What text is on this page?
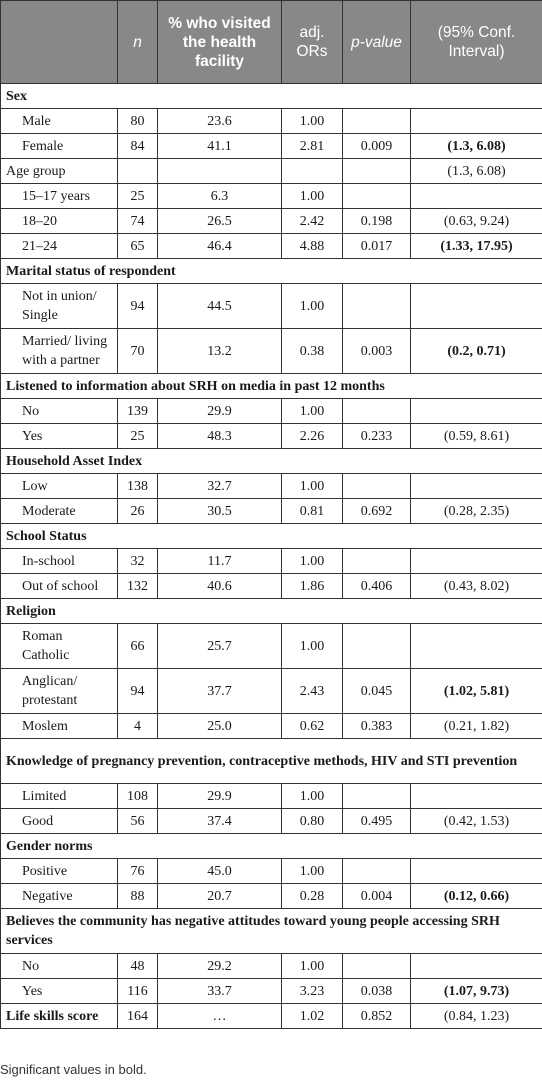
	n	% who visited the health facility	adj. ORs	p-value	(95% Conf. Interval)
Sex					
Male	80	23.6	1.00		
Female	84	41.1	2.81	0.009	(1.3, 6.08)
Age group					(1.3, 6.08)
15–17 years	25	6.3	1.00		
18–20	74	26.5	2.42	0.198	(0.63, 9.24)
21–24	65	46.4	4.88	0.017	(1.33, 17.95)
Marital status of respondent					
Not in union/ Single	94	44.5	1.00		
Married/ living with a partner	70	13.2	0.38	0.003	(0.2, 0.71)
Listened to information about SRH on media in past 12 months					
No	139	29.9	1.00		
Yes	25	48.3	2.26	0.233	(0.59, 8.61)
Household Asset Index					
Low	138	32.7	1.00		
Moderate	26	30.5	0.81	0.692	(0.28, 2.35)
School Status					
In-school	32	11.7	1.00		
Out of school	132	40.6	1.86	0.406	(0.43, 8.02)
Religion					
Roman Catholic	66	25.7	1.00		
Anglican/ protestant	94	37.7	2.43	0.045	(1.02, 5.81)
Moslem	4	25.0	0.62	0.383	(0.21, 1.82)
Knowledge of pregnancy prevention, contraceptive methods, HIV and STI prevention					
Limited	108	29.9	1.00		
Good	56	37.4	0.80	0.495	(0.42, 1.53)
Gender norms					
Positive	76	45.0	1.00		
Negative	88	20.7	0.28	0.004	(0.12, 0.66)
Believes the community has negative attitudes toward young people accessing SRH services					
No	48	29.2	1.00		
Yes	116	33.7	3.23	0.038	(1.07, 9.73)
Life skills score	164	…	1.02	0.852	(0.84, 1.23)
Significant values in bold.
